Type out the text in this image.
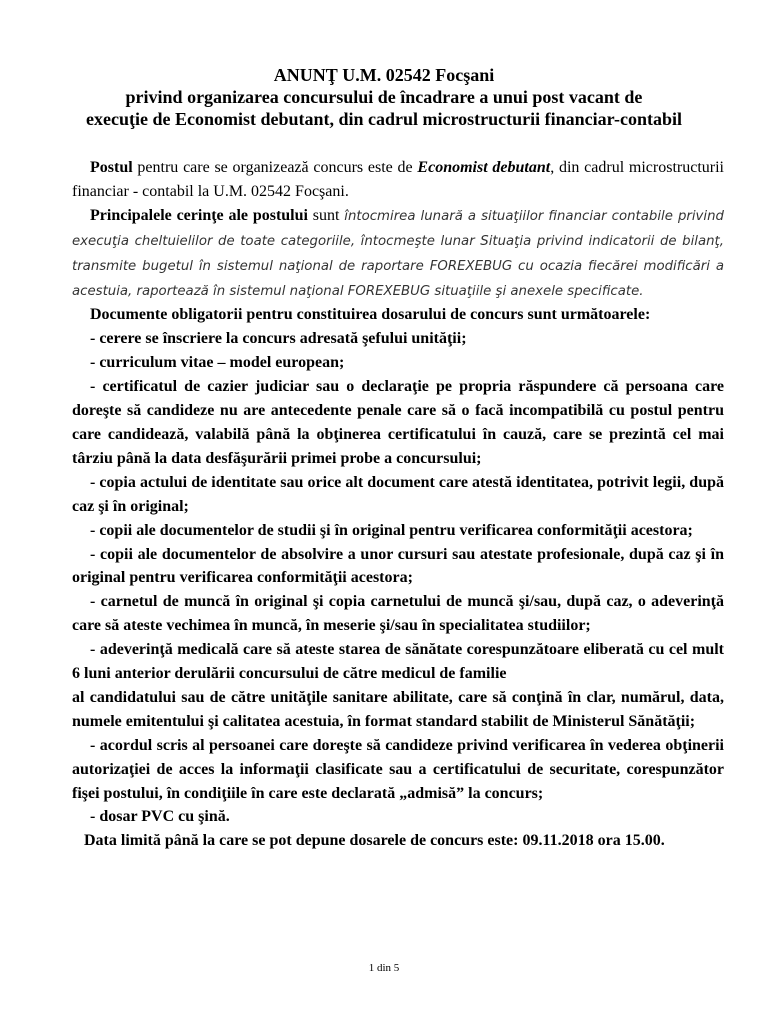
ANUNŢ U.M. 02542 Focşani
privind organizarea concursului de încadrare a unui post vacant de
execuţie de Economist debutant, din cadrul microstructurii financiar-contabil

Postul pentru care se organizează concurs este de Economist debutant, din cadrul microstructurii financiar - contabil la U.M. 02542 Focşani.

Principalele cerinţe ale postului sunt întocmirea lunară a situaţiilor financiar contabile privind execuţia cheltuielilor de toate categoriile, întocmeşte lunar Situaţia privind indicatorii de bilanţ, transmite bugetul în sistemul naţional de raportare FOREXEBUG cu ocazia fiecărei modificări a acestuia, raportează în sistemul naţional FOREXEBUG situaţiile şi anexele specificate.

Documente obligatorii pentru constituirea dosarului de concurs sunt următoarele:

- cerere se înscriere la concurs adresată şefului unităţii;

- curriculum vitae – model european;

- certificatul de cazier judiciar sau o declaraţie pe propria răspundere că persoana care doreşte să candideze nu are antecedente penale care să o facă incompatibilă cu postul pentru care candidează, valabilă până la obţinerea certificatului în cauză, care se prezintă cel mai târziu până la data desfăşurării primei probe a concursului;

- copia actului de identitate sau orice alt document care atestă identitatea, potrivit legii, după caz şi în original;

- copii ale documentelor de studii şi în original pentru verificarea conformităţii acestora;

- copii ale documentelor de absolvire a unor cursuri sau atestate profesionale, după caz şi în original pentru verificarea conformităţii acestora;

- carnetul de muncă în original şi copia carnetului de muncă şi/sau, după caz, o adeverinţă care să ateste vechimea în muncă, în meserie şi/sau în specialitatea studiilor;

- adeverinţă medicală care să ateste starea de sănătate corespunzătoare eliberată cu cel mult 6 luni anterior derulării concursului de către medicul de familie

al candidatului sau de către unităţile sanitare abilitate, care să conţină în clar, numărul, data, numele emitentului şi calitatea acestuia, în format standard stabilit de Ministerul Sănătăţii;

- acordul scris al persoanei care doreşte să candideze privind verificarea în vederea obţinerii autorizaţiei de acces la informaţii clasificate sau a certificatului de securitate, corespunzător fişei postului, în condiţiile în care este declarată „admisă” la concurs;

- dosar PVC cu şină.

Data limită până la care se pot depune dosarele de concurs este: 09.11.2018 ora 15.00.

1 din 5
